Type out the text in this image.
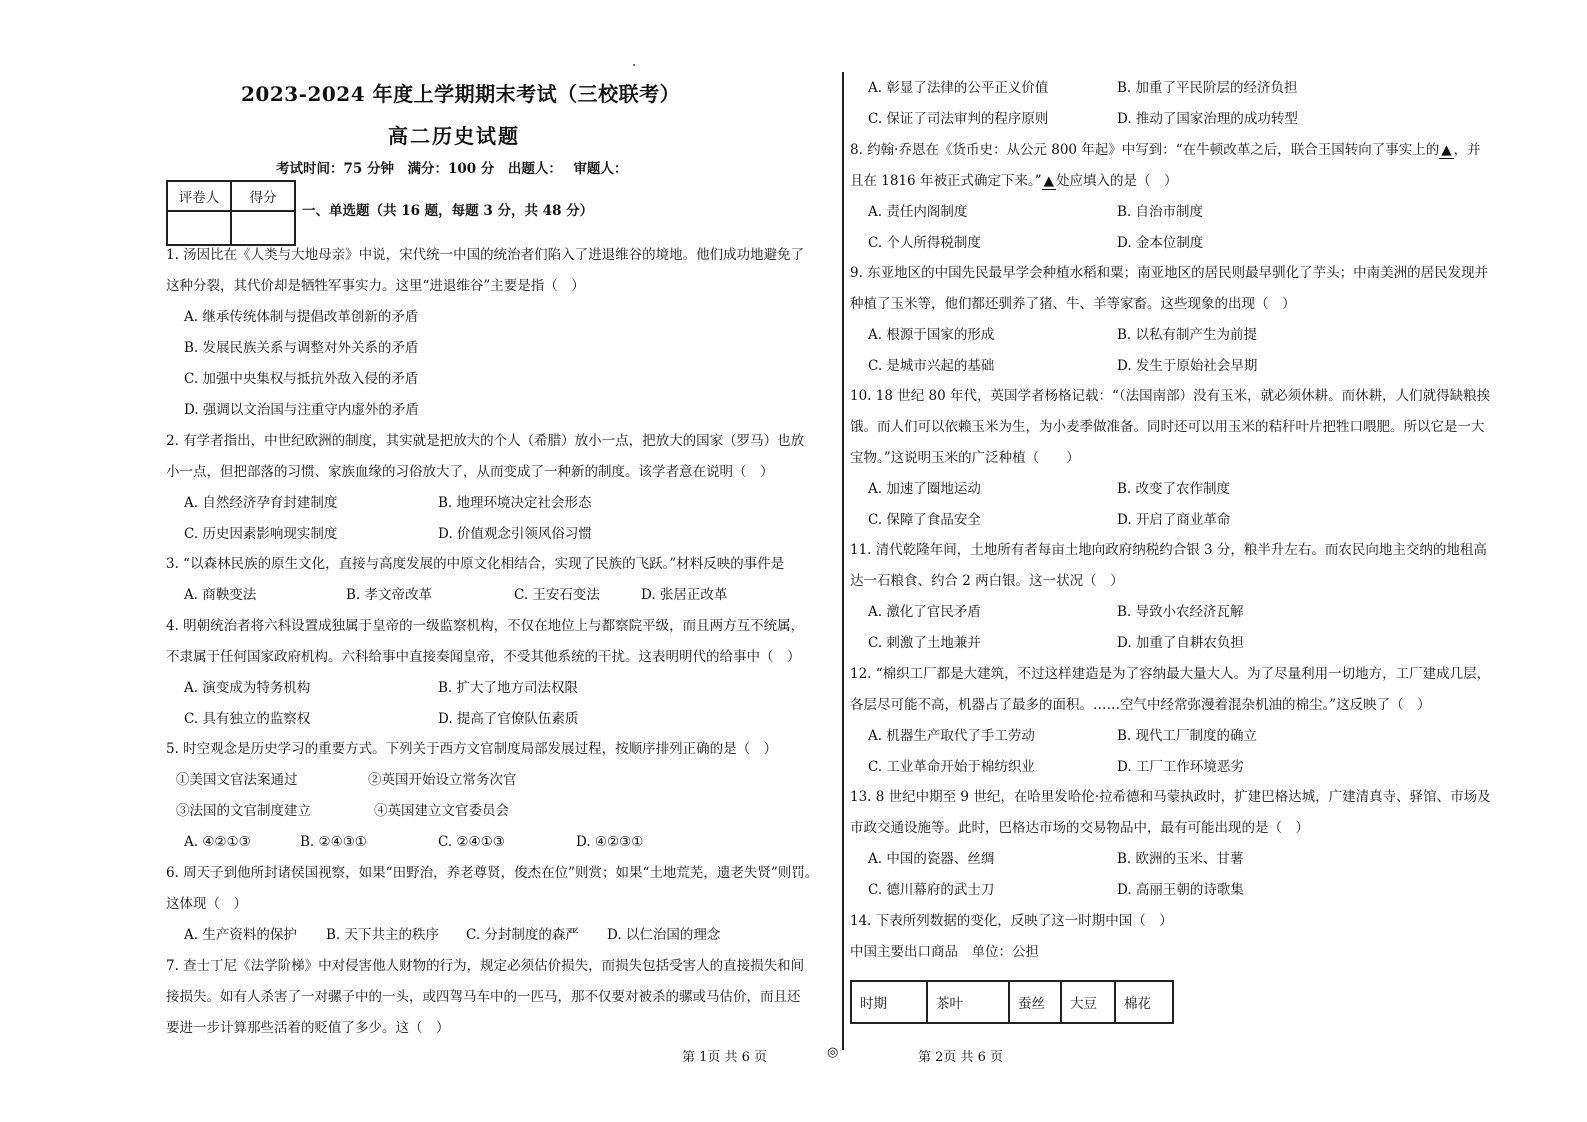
2023-2024 年度上学期期末考试（三校联考）
高二历史试题
考试时间：75 分钟　满分：100 分　出题人：　 审题人：
评卷人	得分

一、单选题（共 16 题，每题 3 分，共 48 分）
1. 汤因比在《人类与大地母亲》中说，宋代统一中国的统治者们陷入了进退维谷的境地。他们成功地避免了
这种分裂，其代价却是牺牲军事实力。这里“进退维谷”主要是指（　）
A. 继承传统体制与提倡改革创新的矛盾
B. 发展民族关系与调整对外关系的矛盾
C. 加强中央集权与抵抗外敌入侵的矛盾
D. 强调以文治国与注重守内虚外的矛盾
2. 有学者指出，中世纪欧洲的制度，其实就是把放大的个人（希腊）放小一点，把放大的国家（罗马）也放
小一点，但把部落的习惯、家族血缘的习俗放大了，从而变成了一种新的制度。该学者意在说明（　）
A. 自然经济孕育封建制度	B. 地理环境决定社会形态
C. 历史因素影响现实制度	D. 价值观念引领风俗习惯
3. “以森林民族的原生文化，直接与高度发展的中原文化相结合，实现了民族的飞跃。”材料反映的事件是
A. 商鞅变法	B. 孝文帝改革	C. 王安石变法	D. 张居正改革
4. 明朝统治者将六科设置成独属于皇帝的一级监察机构，不仅在地位上与都察院平级，而且两方互不统属，
不隶属于任何国家政府机构。六科给事中直接奏闻皇帝，不受其他系统的干扰。这表明明代的给事中（　）
A. 演变成为特务机构	B. 扩大了地方司法权限
C. 具有独立的监察权	D. 提高了官僚队伍素质
5. 时空观念是历史学习的重要方式。下列关于西方文官制度局部发展过程，按顺序排列正确的是（　）
①美国文官法案通过	②英国开始设立常务次官
③法国的文官制度建立	④英国建立文官委员会
A. ④②①③	B. ②④③①	C. ②④①③	D. ④②③①
6. 周天子到他所封诸侯国视察，如果“田野治，养老尊贤，俊杰在位”则赏；如果“土地荒芜，遗老失贤”则罚。
这体现（　）
A. 生产资料的保护	B. 天下共主的秩序	C. 分封制度的森严	D. 以仁治国的理念
7. 查士丁尼《法学阶梯》中对侵害他人财物的行为，规定必须估价损失，而损失包括受害人的直接损失和间
接损失。如有人杀害了一对骡子中的一头，或四驾马车中的一匹马，那不仅要对被杀的骡或马估价，而且还
要进一步计算那些活着的贬值了多少。这（　）
A. 彰显了法律的公平正义价值	B. 加重了平民阶层的经济负担
C. 保证了司法审判的程序原则	D. 推动了国家治理的成功转型
8. 约翰·乔恩在《货币史：从公元 800 年起》中写到：“在牛顿改革之后，联合王国转向了事实上的 ▲ ，并
且在 1816 年被正式确定下来。” ▲ 处应填入的是（　）
A. 责任内阁制度	B. 自治市制度
C. 个人所得税制度	D. 金本位制度
9. 东亚地区的中国先民最早学会种植水稻和粟；南亚地区的居民则最早驯化了芋头；中南美洲的居民发现并
种植了玉米等，他们都还驯养了猪、牛、羊等家畜。这些现象的出现（　）
A. 根源于国家的形成	B. 以私有制产生为前提
C. 是城市兴起的基础	D. 发生于原始社会早期
10. 18 世纪 80 年代，英国学者杨格记载：“（法国南部）没有玉米，就必须休耕。而休耕，人们就得缺粮挨
饿。而人们可以依赖玉米为生，为小麦季做准备。同时还可以用玉米的秸秆叶片把牲口喂肥。所以它是一大
宝物。”这说明玉米的广泛种植（　　）
A. 加速了圈地运动	B. 改变了农作制度
C. 保障了食品安全	D. 开启了商业革命
11. 清代乾隆年间，土地所有者每亩土地向政府纳税约合银 3 分，粮半升左右。而农民向地主交纳的地租高
达一石粮食、约合 2 两白银。这一状况（　）
A. 激化了官民矛盾	B. 导致小农经济瓦解
C. 刺激了土地兼并	D. 加重了自耕农负担
12. “棉织工厂都是大建筑，不过这样建造是为了容纳最大量大人。为了尽量利用一切地方，工厂建成几层，
各层尽可能不高，机器占了最多的面积。……空气中经常弥漫着混杂机油的棉尘。”这反映了（　）
A. 机器生产取代了手工劳动	B. 现代工厂制度的确立
C. 工业革命开始于棉纺织业	D. 工厂工作环境恶劣
13. 8 世纪中期至 9 世纪，在哈里发哈伦·拉希德和马蒙执政时，扩建巴格达城，广建清真寺、驿馆、市场及
市政交通设施等。此时，巴格达市场的交易物品中，最有可能出现的是（　）
A. 中国的瓷器、丝绸	B. 欧洲的玉米、甘薯
C. 德川幕府的武士刀	D. 高丽王朝的诗歌集
14. 下表所列数据的变化，反映了这一时期中国（　）
中国主要出口商品　单位：公担
时期	茶叶	蚕丝	大豆	棉花
第 1页 共 6 页	◎	第 2页 共 6 页
